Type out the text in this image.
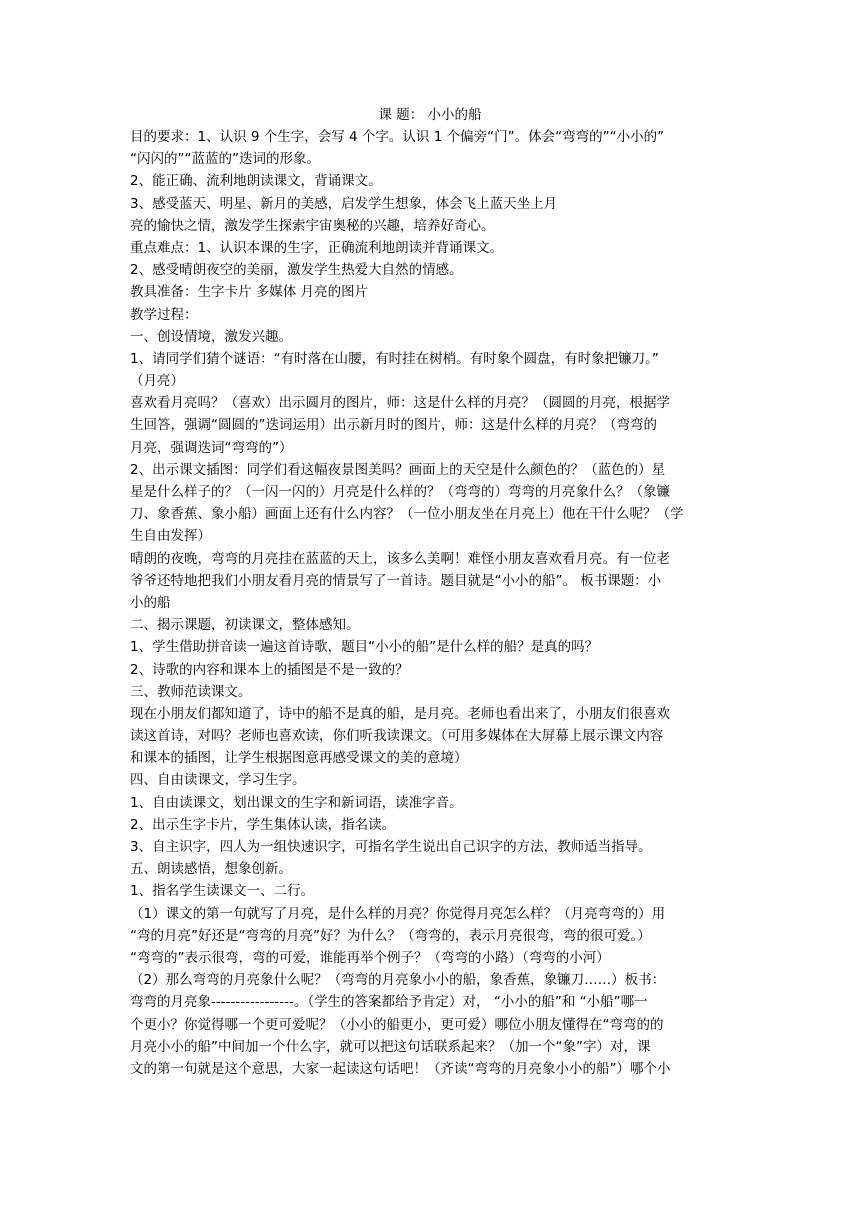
课 题： 小小的船
目的要求：1、认识 9 个生字，会写 4 个字。认识 1 个偏旁“门”。体会“弯弯的”“小小的”
“闪闪的”“蓝蓝的”迭词的形象。
2、能正确、流利地朗读课文，背诵课文。
3、感受蓝天、明星、新月的美感，启发学生想象，体会飞上蓝天坐上月
亮的愉快之情，激发学生探索宇宙奥秘的兴趣，培养好奇心。
重点难点：1、认识本课的生字，正确流利地朗读并背诵课文。
2、感受晴朗夜空的美丽，激发学生热爱大自然的情感。
教具准备：生字卡片 多媒体 月亮的图片
教学过程：
一、创设情境，激发兴趣。
1、请同学们猜个谜语：“有时落在山腰，有时挂在树梢。有时象个圆盘，有时象把镰刀。”
（月亮）
喜欢看月亮吗？（喜欢）出示圆月的图片，师：这是什么样的月亮？（圆圆的月亮，根据学
生回答，强调“圆圆的”迭词运用）出示新月时的图片，师：这是什么样的月亮？（弯弯的
月亮，强调迭词“弯弯的”）
2、出示课文插图：同学们看这幅夜景图美吗？画面上的天空是什么颜色的？（蓝色的）星
星是什么样子的？（一闪一闪的）月亮是什么样的？（弯弯的）弯弯的月亮象什么？（象镰
刀、象香蕉、象小船）画面上还有什么内容？（一位小朋友坐在月亮上）他在干什么呢？（学
生自由发挥）
晴朗的夜晚，弯弯的月亮挂在蓝蓝的天上，该多么美啊！难怪小朋友喜欢看月亮。有一位老
爷爷还特地把我们小朋友看月亮的情景写了一首诗。题目就是“小小的船”。 板书课题：小
小的船
二、揭示课题，初读课文，整体感知。
1、学生借助拼音读一遍这首诗歌，题目“小小的船”是什么样的船？是真的吗？
2、诗歌的内容和课本上的插图是不是一致的？
三、教师范读课文。
现在小朋友们都知道了，诗中的船不是真的船，是月亮。老师也看出来了，小朋友们很喜欢
读这首诗，对吗？老师也喜欢读，你们听我读课文。（可用多媒体在大屏幕上展示课文内容
和课本的插图，让学生根据图意再感受课文的美的意境）
四、自由读课文，学习生字。
1、自由读课文，划出课文的生字和新词语，读准字音。
2、出示生字卡片，学生集体认读，指名读。
3、自主识字，四人为一组快速识字，可指名学生说出自己识字的方法，教师适当指导。
五、朗读感悟，想象创新。
1、指名学生读课文一、二行。
（1）课文的第一句就写了月亮，是什么样的月亮？你觉得月亮怎么样？（月亮弯弯的）用
“弯的月亮”好还是“弯弯的月亮”好？为什么？（弯弯的，表示月亮很弯，弯的很可爱。）
“弯弯的”表示很弯，弯的可爱，谁能再举个例子？（弯弯的小路）（弯弯的小河）
（2）那么弯弯的月亮象什么呢？（弯弯的月亮象小小的船，象香蕉，象镰刀……）板书：
弯弯的月亮象-----------------。（学生的答案都给予肯定）对， “小小的船”和 “小船”哪一
个更小？你觉得哪一个更可爱呢？（小小的船更小，更可爱）哪位小朋友懂得在“弯弯的的
月亮小小的船”中间加一个什么字，就可以把这句话联系起来？（加一个“象”字）对，课
文的第一句就是这个意思，大家一起读这句话吧！（齐读“弯弯的月亮象小小的船”）哪个小
